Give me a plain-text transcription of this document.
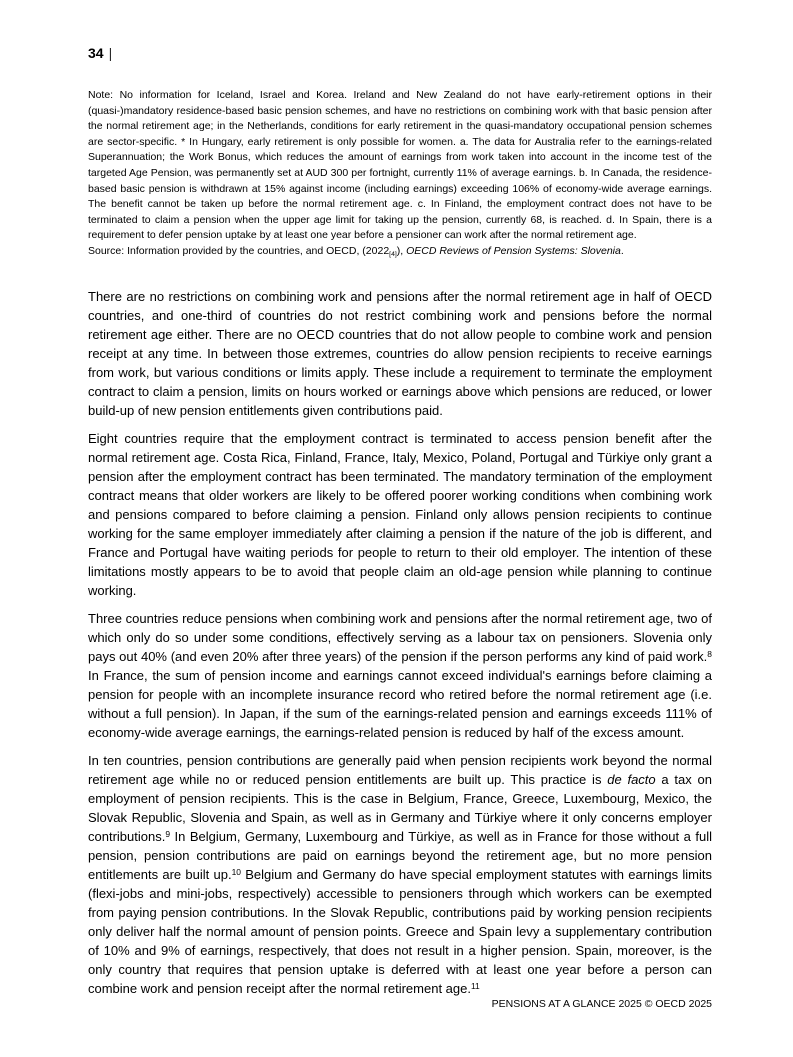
34 |

Note: No information for Iceland, Israel and Korea. Ireland and New Zealand do not have early-retirement options in their (quasi-)mandatory residence-based basic pension schemes, and have no restrictions on combining work with that basic pension after the normal retirement age; in the Netherlands, conditions for early retirement in the quasi-mandatory occupational pension schemes are sector-specific. * In Hungary, early retirement is only possible for women. a. The data for Australia refer to the earnings-related Superannuation; the Work Bonus, which reduces the amount of earnings from work taken into account in the income test of the targeted Age Pension, was permanently set at AUD 300 per fortnight, currently 11% of average earnings. b. In Canada, the residence-based basic pension is withdrawn at 15% against income (including earnings) exceeding 106% of economy-wide average earnings. The benefit cannot be taken up before the normal retirement age. c. In Finland, the employment contract does not have to be terminated to claim a pension when the upper age limit for taking up the pension, currently 68, is reached. d. In Spain, there is a requirement to defer pension uptake by at least one year before a pensioner can work after the normal retirement age.

Source: Information provided by the countries, and OECD, $(2022_{[4]})$, OECD Reviews of Pension Systems: Slovenia.

There are no restrictions on combining work and pensions after the normal retirement age in half of OECD countries, and one-third of countries do not restrict combining work and pensions before the normal retirement age either. There are no OECD countries that do not allow people to combine work and pension receipt at any time. In between those extremes, countries do allow pension recipients to receive earnings from work, but various conditions or limits apply. These include a requirement to terminate the employment contract to claim a pension, limits on hours worked or earnings above which pensions are reduced, or lower build-up of new pension entitlements given contributions paid.

Eight countries require that the employment contract is terminated to access pension benefit after the normal retirement age. Costa Rica, Finland, France, Italy, Mexico, Poland, Portugal and Türkiye only grant a pension after the employment contract has been terminated. The mandatory termination of the employment contract means that older workers are likely to be offered poorer working conditions when combining work and pensions compared to before claiming a pension. Finland only allows pension recipients to continue working for the same employer immediately after claiming a pension if the nature of the job is different, and France and Portugal have waiting periods for people to return to their old employer. The intention of these limitations mostly appears to be to avoid that people claim an old-age pension while planning to continue working.

Three countries reduce pensions when combining work and pensions after the normal retirement age, two of which only do so under some conditions, effectively serving as a labour tax on pensioners. Slovenia only pays out 40% (and even 20% after three years) of the pension if the person performs any kind of paid work.$^8$ In France, the sum of pension income and earnings cannot exceed individual's earnings before claiming a pension for people with an incomplete insurance record who retired before the normal retirement age (i.e. without a full pension). In Japan, if the sum of the earnings-related pension and earnings exceeds 111% of economy-wide average earnings, the earnings-related pension is reduced by half of the excess amount.

In ten countries, pension contributions are generally paid when pension recipients work beyond the normal retirement age while no or reduced pension entitlements are built up. This practice is de facto a tax on employment of pension recipients. This is the case in Belgium, France, Greece, Luxembourg, Mexico, the Slovak Republic, Slovenia and Spain, as well as in Germany and Türkiye where it only concerns employer contributions.$^9$ In Belgium, Germany, Luxembourg and Türkiye, as well as in France for those without a full pension, pension contributions are paid on earnings beyond the retirement age, but no more pension entitlements are built up.$^{10}$ Belgium and Germany do have special employment statutes with earnings limits (flexi-jobs and mini-jobs, respectively) accessible to pensioners through which workers can be exempted from paying pension contributions. In the Slovak Republic, contributions paid by working pension recipients only deliver half the normal amount of pension points. Greece and Spain levy a supplementary contribution of 10% and 9% of earnings, respectively, that does not result in a higher pension. Spain, moreover, is the only country that requires that pension uptake is deferred with at least one year before a person can combine work and pension receipt after the normal retirement age.$^{11}$

PENSIONS AT A GLANCE 2025 © OECD 2025
